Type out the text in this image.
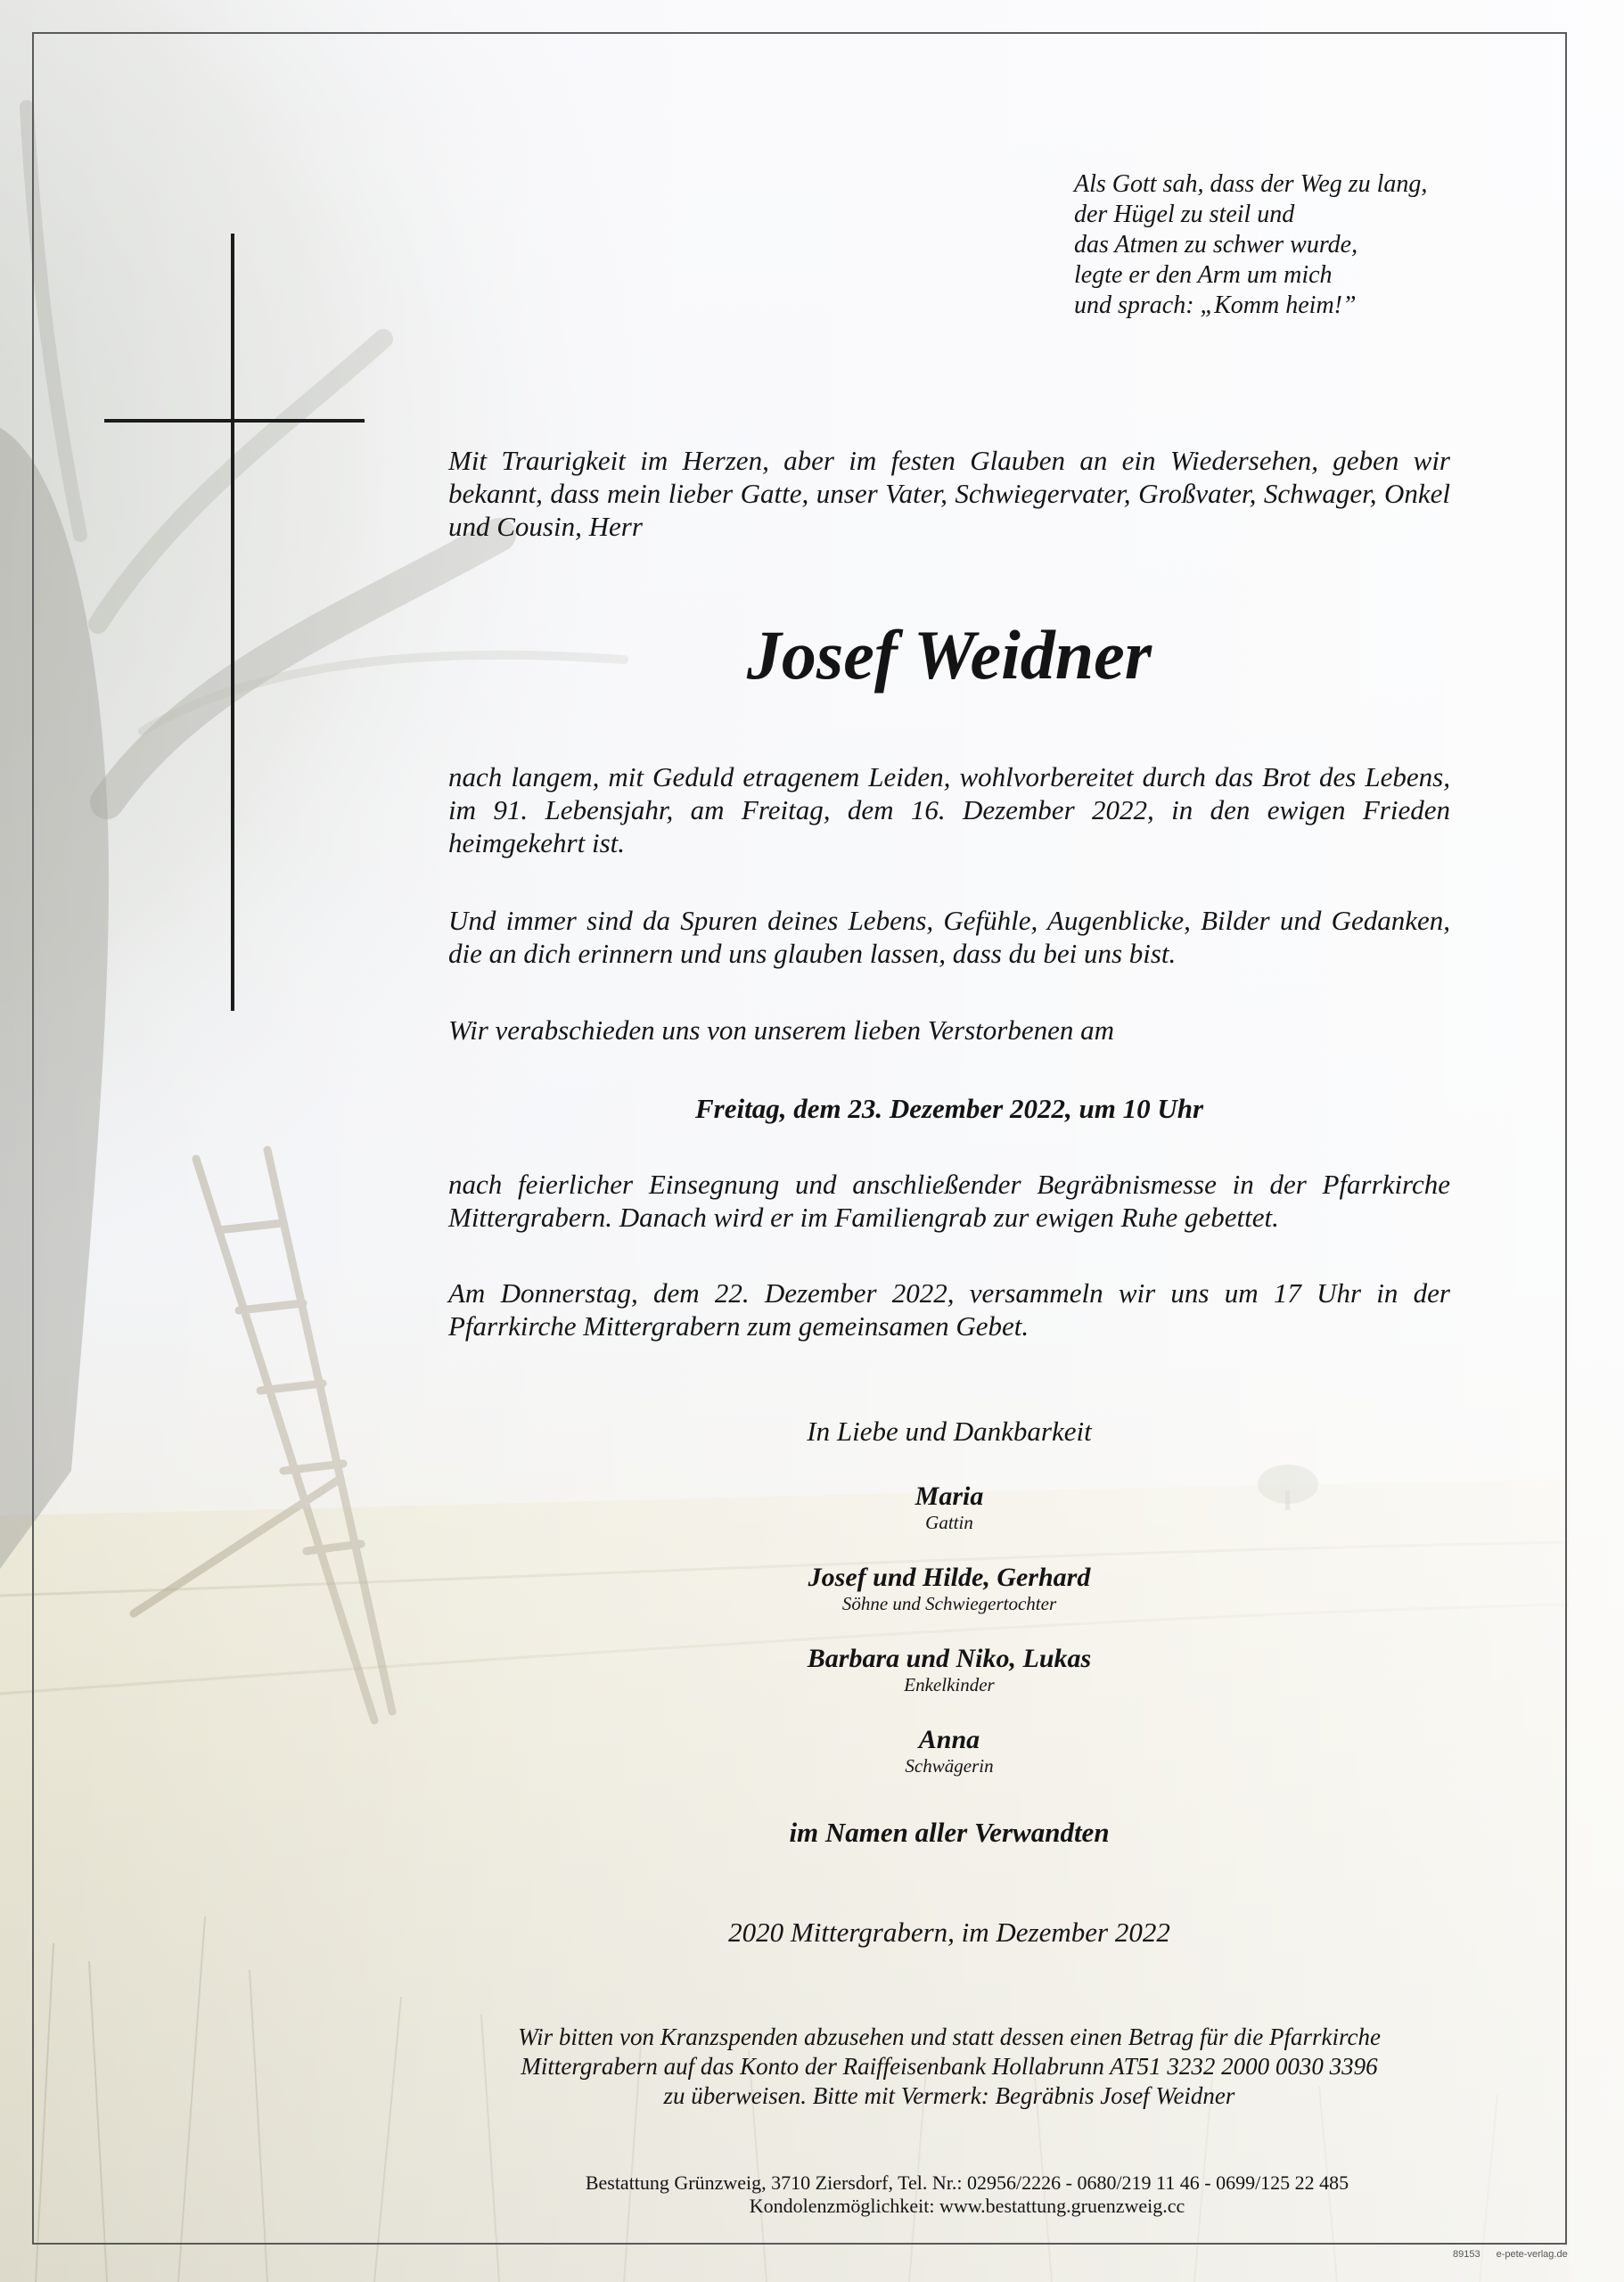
Als Gott sah, dass der Weg zu lang,
der Hügel zu steil und
das Atmen zu schwer wurde,
legte er den Arm um mich
und sprach: „Komm heim!”
Mit Traurigkeit im Herzen, aber im festen Glauben an ein Wiedersehen, geben wir bekannt, dass mein lieber Gatte, unser Vater, Schwiegervater, Großvater, Schwager, Onkel und Cousin, Herr
Josef Weidner
nach langem, mit Geduld etragenem Leiden, wohlvorbereitet durch das Brot des Lebens, im 91. Lebensjahr, am Freitag, dem 16. Dezember 2022, in den ewigen Frieden heimgekehrt ist.
Und immer sind da Spuren deines Lebens, Gefühle, Augenblicke, Bilder und Gedanken, die an dich erinnern und uns glauben lassen, dass du bei uns bist.
Wir verabschieden uns von unserem lieben Verstorbenen am
Freitag, dem 23. Dezember 2022, um 10 Uhr
nach feierlicher Einsegnung und anschließender Begräbnismesse in der Pfarrkirche Mittergrabern. Danach wird er im Familiengrab zur ewigen Ruhe gebettet.
Am Donnerstag, dem 22. Dezember 2022, versammeln wir uns um 17 Uhr in der Pfarrkirche Mittergrabern zum gemeinsamen Gebet.
In Liebe und Dankbarkeit
Maria
Gattin
Josef und Hilde, Gerhard
Söhne und Schwiegertochter
Barbara und Niko, Lukas
Enkelkinder
Anna
Schwägerin
im Namen aller Verwandten
2020 Mittergrabern, im Dezember 2022
Wir bitten von Kranzspenden abzusehen und statt dessen einen Betrag für die Pfarrkirche
Mittergrabern auf das Konto der Raiffeisenbank Hollabrunn AT51 3232 2000 0030 3396
zu überweisen. Bitte mit Vermerk: Begräbnis Josef Weidner
Bestattung Grünzweig, 3710 Ziersdorf, Tel. Nr.: 02956/2226 - 0680/219 11 46 - 0699/125 22 485
Kondolenzmöglichkeit: www.bestattung.gruenzweig.cc
89153 e-pete-verlag.de
